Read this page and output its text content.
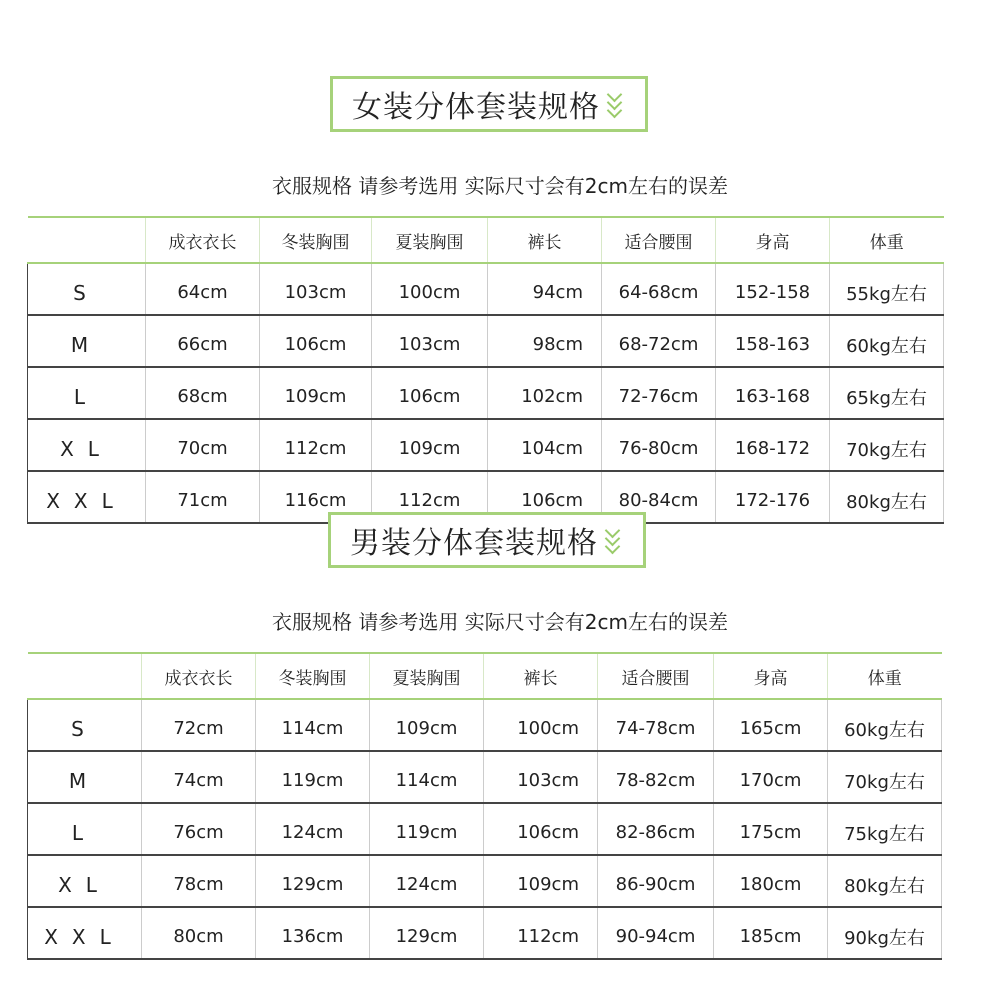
女装分体套装规格
衣服规格 请参考选用 实际尺寸会有2cm左右的误差
	成衣衣长	冬装胸围	夏装胸围	裤长	适合腰围	身高	体重
S	64cm	103cm	100cm	94cm	64-68cm	152-158	55kg左右
M	66cm	106cm	103cm	98cm	68-72cm	158-163	60kg左右
L	68cm	109cm	106cm	102cm	72-76cm	163-168	65kg左右
XL	70cm	112cm	109cm	104cm	76-80cm	168-172	70kg左右
XXL	71cm	116cm	112cm	106cm	80-84cm	172-176	80kg左右
男装分体套装规格
衣服规格 请参考选用 实际尺寸会有2cm左右的误差
	成衣衣长	冬装胸围	夏装胸围	裤长	适合腰围	身高	体重
S	72cm	114cm	109cm	100cm	74-78cm	165cm	60kg左右
M	74cm	119cm	114cm	103cm	78-82cm	170cm	70kg左右
L	76cm	124cm	119cm	106cm	82-86cm	175cm	75kg左右
XL	78cm	129cm	124cm	109cm	86-90cm	180cm	80kg左右
XXL	80cm	136cm	129cm	112cm	90-94cm	185cm	90kg左右
